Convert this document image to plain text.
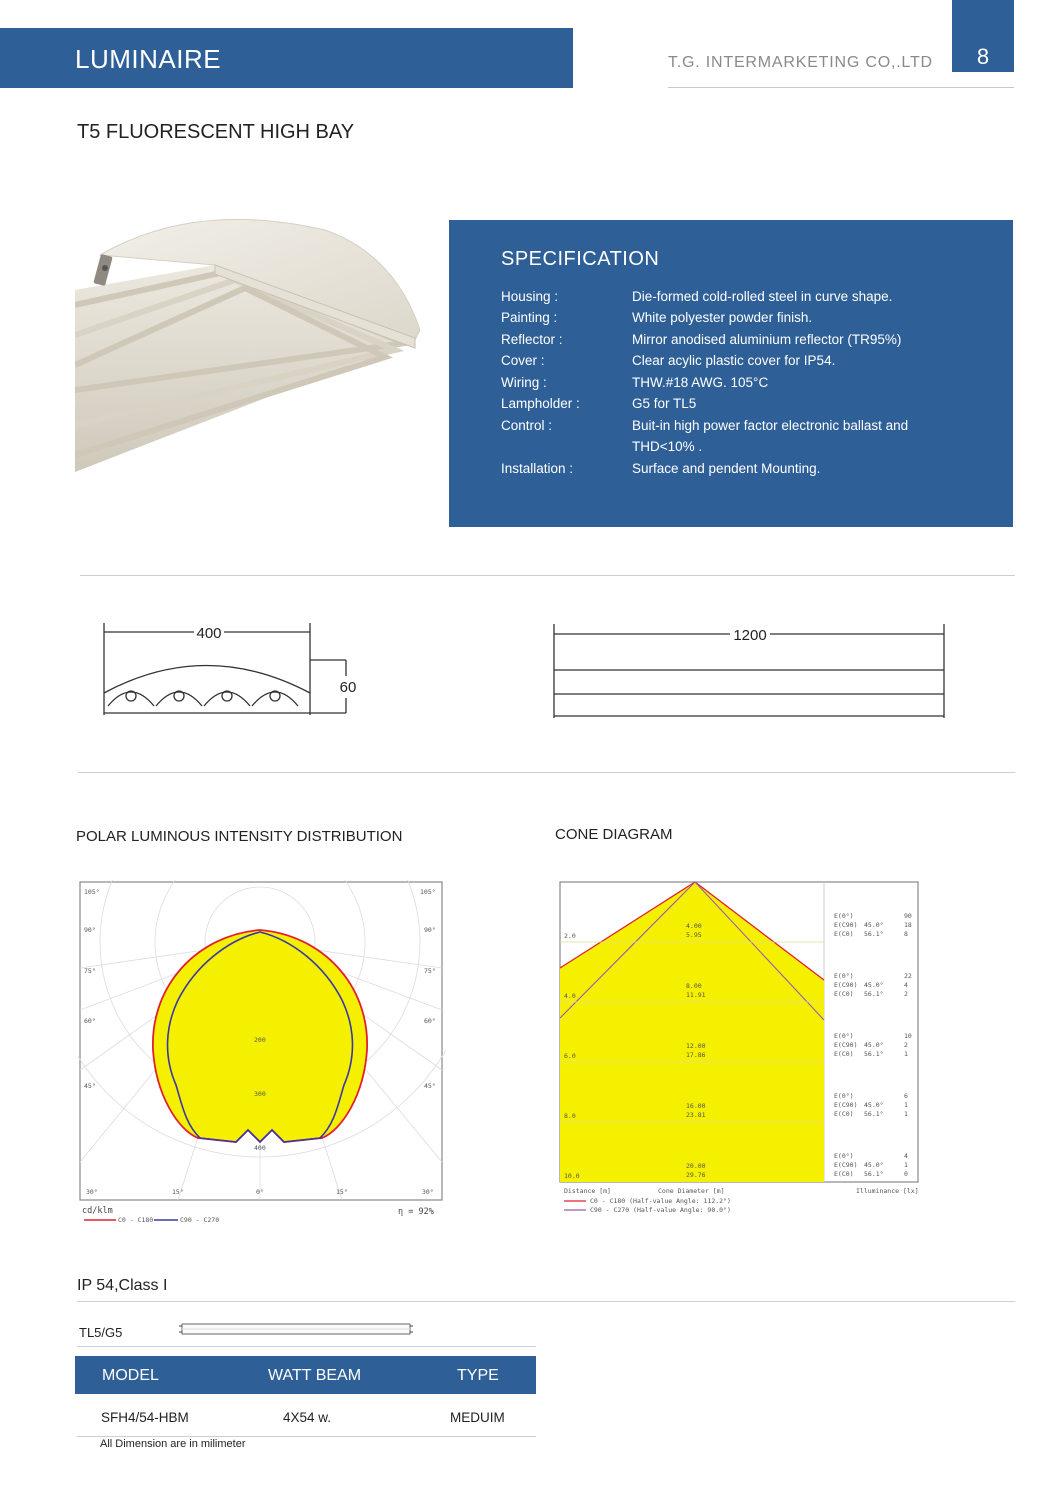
LUMINAIRE	T.G. INTERMARKETING CO,.LTD	8
T5 FLUORESCENT HIGH BAY
SPECIFICATION
Housing :	Die-formed cold-rolled steel in curve shape.
Painting :	White polyester powder finish.
Reflector :	Mirror anodised aluminium reflector (TR95%)
Cover :	Clear acylic plastic cover for IP54.
Wiring :	THW.#18 AWG. 105°C
Lampholder :	G5 for TL5
Control :	Buit-in high power factor electronic ballast and
THD<10% .
Installation :	Surface and pendent Mounting.
400
60
1200
POLAR LUMINOUS INTENSITY DISTRIBUTION	CONE DIAGRAM
105°	105°
90°
75°
60°
45°
90°
75°
60°
45°
30°	15°	0°	15°	30°
200
300
400
cd/klm
C0 - C180	C90 - C270
η = 92%
2.0
4.0
6.0
8.0
10.0
4.00
5.95
8.00
11.91
12.00
17.86
16.00
23.81
20.00
29.76
E(0°)	90
E(C90) 45.0°	18
E(C0) 56.1°	8
E(0°)	22
E(C90) 45.0°	4
E(C0) 56.1°	2
E(0°)	10
E(C90) 45.0°	2
E(C0) 56.1°	1
E(0°)	6
E(C90) 45.0°	1
E(C0) 56.1°	1
E(0°)	4
E(C90) 45.0°	1
E(C0) 56.1°	0
Distance [m]	Cone Diameter [m]	Illuminance [lx]
C0 - C180 (Half-value Angle: 112.2°)
C90 - C270 (Half-value Angle: 90.0°)
IP 54,Class I
TL5/G5
MODEL	WATT BEAM	TYPE
SFH4/54-HBM	4X54 w.	MEDUIM
All Dimension are in milimeter
